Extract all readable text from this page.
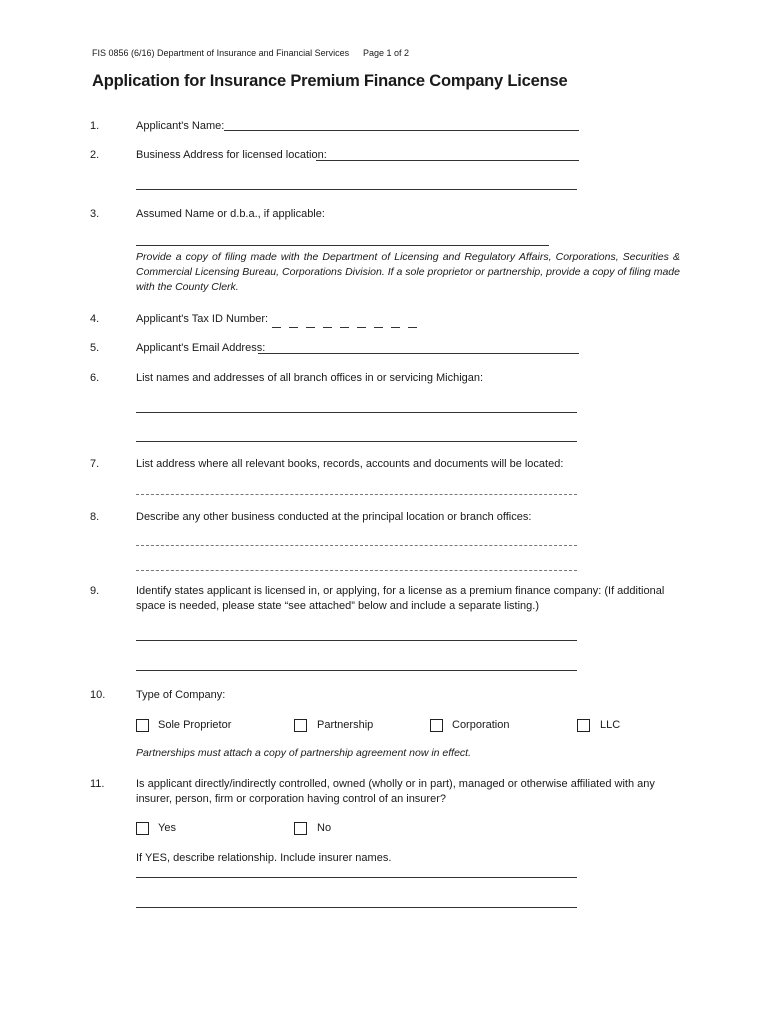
FIS 0856 (6/16) Department of Insurance and Financial Services Page 1 of 2
Application for Insurance Premium Finance Company License
1.	Applicant's Name:
2.	Business Address for licensed location:
3.	Assumed Name or d.b.a., if applicable:
Provide a copy of filing made with the Department of Licensing and Regulatory Affairs, Corporations, Securities & Commercial Licensing Bureau, Corporations Division. If a sole proprietor or partnership, provide a copy of filing made with the County Clerk.
4.	Applicant's Tax ID Number:
5.	Applicant's Email Address:
6.	List names and addresses of all branch offices in or servicing Michigan:
7.	List address where all relevant books, records, accounts and documents will be located:
8.	Describe any other business conducted at the principal location or branch offices:
9.	Identify states applicant is licensed in, or applying, for a license as a premium finance company: (If additional space is needed, please state “see attached” below and include a separate listing.)
10.	Type of Company:
Sole Proprietor	Partnership	Corporation	LLC
Partnerships must attach a copy of partnership agreement now in effect.
11.	Is applicant directly/indirectly controlled, owned (wholly or in part), managed or otherwise affiliated with any insurer, person, firm or corporation having control of an insurer?
Yes	No
If YES, describe relationship. Include insurer names.
